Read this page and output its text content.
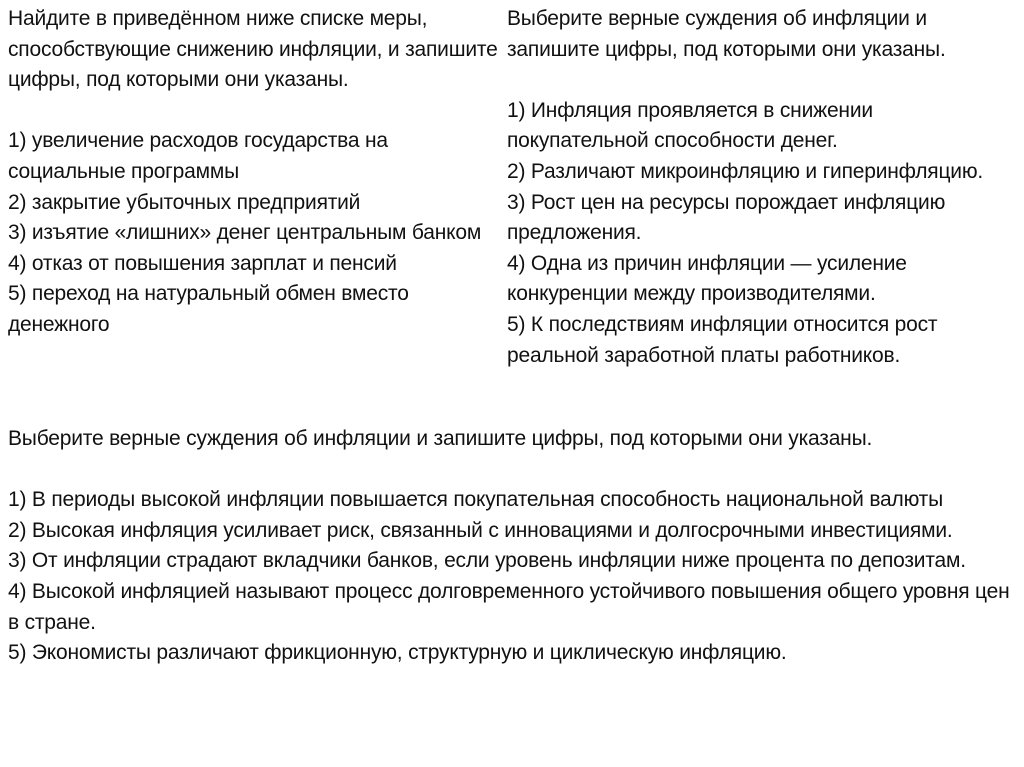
Найдите в приведённом ниже списке меры, способствующие снижению инфляции, и запишите цифры, под которыми они указаны.

1) увеличение расходов государства на социальные программы

2) закрытие убыточных предприятий

3) изъятие «лишних» денег центральным банком

4) отказ от повышения зарплат и пенсий

5) переход на натуральный обмен вместо денежного

Выберите верные суждения об инфляции и запишите цифры, под которыми они указаны.

1) Инфляция проявляется в снижении покупательной способности денег.

2) Различают микроинфляцию и гиперинфляцию.

3) Рост цен на ресурсы порождает инфляцию предложения.

4) Одна из причин инфляции — усиление конкуренции между производителями.

5) К последствиям инфляции относится рост реальной заработной платы работников.

Выберите верные суждения об инфляции и запишите цифры, под которыми они указаны.

1) В периоды высокой инфляции повышается покупательная способность национальной валюты

2) Высокая инфляция усиливает риск, связанный с инновациями и долгосрочными инвестициями.

3) От инфляции страдают вкладчики банков, если уровень инфляции ниже процента по депозитам.

4) Высокой инфляцией называют процесс долговременного устойчивого повышения общего уровня цен в стране.

5) Экономисты различают фрикционную, структурную и циклическую инфляцию.
